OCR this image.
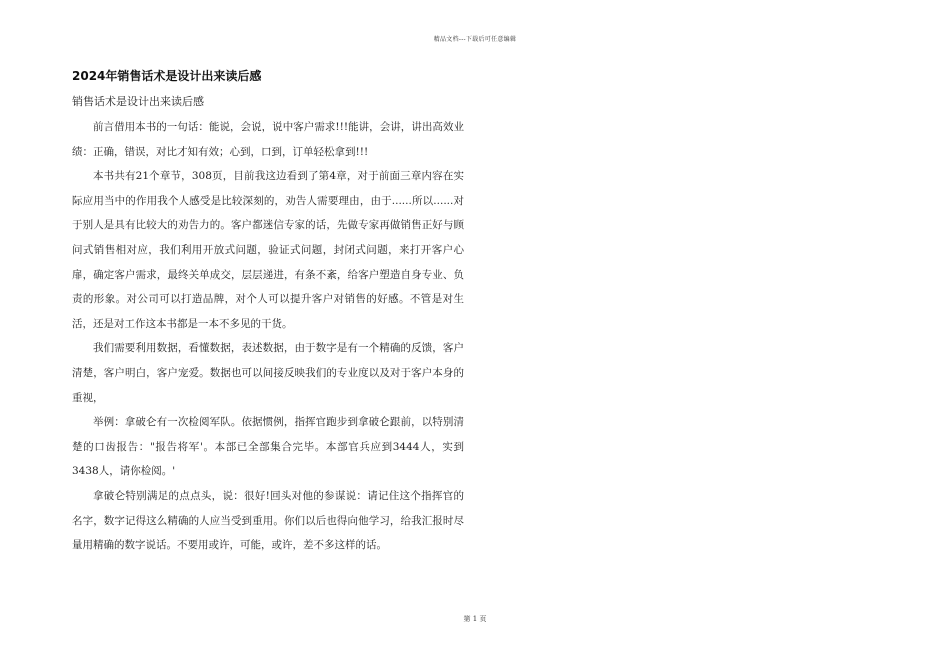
精品文档---下载后可任意编辑
2024年销售话术是设计出来读后感
销售话术是设计出来读后感

前言借用本书的一句话：能说，会说，说中客户需求!!!能讲，会讲，讲出高效业绩：正确，错误，对比才知有效；心到，口到，订单轻松拿到!!!

本书共有21个章节，308页，目前我这边看到了第4章，对于前面三章内容在实际应用当中的作用我个人感受是比较深刻的，劝告人需要理由，由于......所以......对于别人是具有比较大的劝告力的。客户都迷信专家的话，先做专家再做销售正好与顾问式销售相对应，我们利用开放式问题，验证式问题，封闭式问题，来打开客户心扉，确定客户需求，最终关单成交，层层递进，有条不紊，给客户塑造自身专业、负责的形象。对公司可以打造品牌，对个人可以提升客户对销售的好感。不管是对生活，还是对工作这本书都是一本不多见的干货。

我们需要利用数据，看懂数据，表述数据，由于数字是有一个精确的反馈，客户清楚，客户明白，客户宠爱。数据也可以间接反映我们的专业度以及对于客户本身的重视，

举例：拿破仑有一次检阅军队。依据惯例，指挥官跑步到拿破仑跟前，以特别清楚的口齿报告："报告将军'。本部已全部集合完毕。本部官兵应到3444人，实到3438人，请你检阅。'

拿破仑特别满足的点点头，说：很好!回头对他的参谋说：请记住这个指挥官的名字，数字记得这么精确的人应当受到重用。你们以后也得向他学习，给我汇报时尽量用精确的数字说话。不要用或许，可能，或许，差不多这样的话。

第 1 页
